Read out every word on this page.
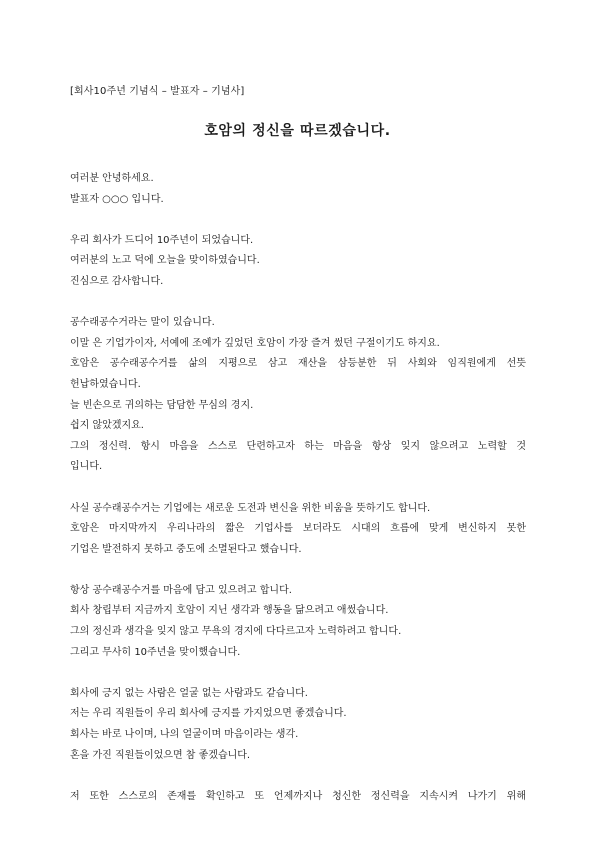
[회사10주년 기념식 – 발표자 – 기념사]
호암의 정신을 따르겠습니다.

여러분 안녕하세요.
발표자 ○○○ 입니다.

우리 회사가 드디어 10주년이 되었습니다.
여러분의 노고 덕에 오늘을 맞이하였습니다.
진심으로 감사합니다.

공수래공수거라는 말이 있습니다.
이말 은 기업가이자, 서예에 조예가 깊었던 호암이 가장 즐겨 썼던 구절이기도 하지요.
호암은 공수래공수거를 삶의 지평으로 삼고 재산을 삼등분한 뒤 사회와 임직원에게 선뜻
헌납하였습니다.
늘 빈손으로 귀의하는 담담한 무심의 경지.
쉽지 않았겠지요.
그의 정신력. 항시 마음을 스스로 단련하고자 하는 마음을 항상 잊지 않으려고 노력할 것
입니다.

사실 공수래공수거는 기업에는 새로운 도전과 변신을 위한 비움을 뜻하기도 합니다.
호암은 마지막까지 우리나라의 짧은 기업사를 보더라도 시대의 흐름에 맞게 변신하지 못한
기업은 발전하지 못하고 중도에 소멸된다고 했습니다.

항상 공수래공수거를 마음에 담고 있으려고 합니다.
회사 창립부터 지금까지 호암이 지닌 생각과 행동을 닮으려고 애썼습니다.
그의 정신과 생각을 잊지 않고 무욕의 경지에 다다르고자 노력하려고 합니다.
그리고 무사히 10주년을 맞이했습니다.

회사에 긍지 없는 사람은 얼굴 없는 사람과도 같습니다.
저는 우리 직원들이 우리 회사에 긍지를 가지었으면 좋겠습니다.
회사는 바로 나이며, 나의 얼굴이며 마음이라는 생각.
혼을 가진 직원들이었으면 참 좋겠습니다.

저 또한 스스로의 존재를 확인하고 또 언제까지나 청신한 정신력을 지속시켜 나가기 위해
